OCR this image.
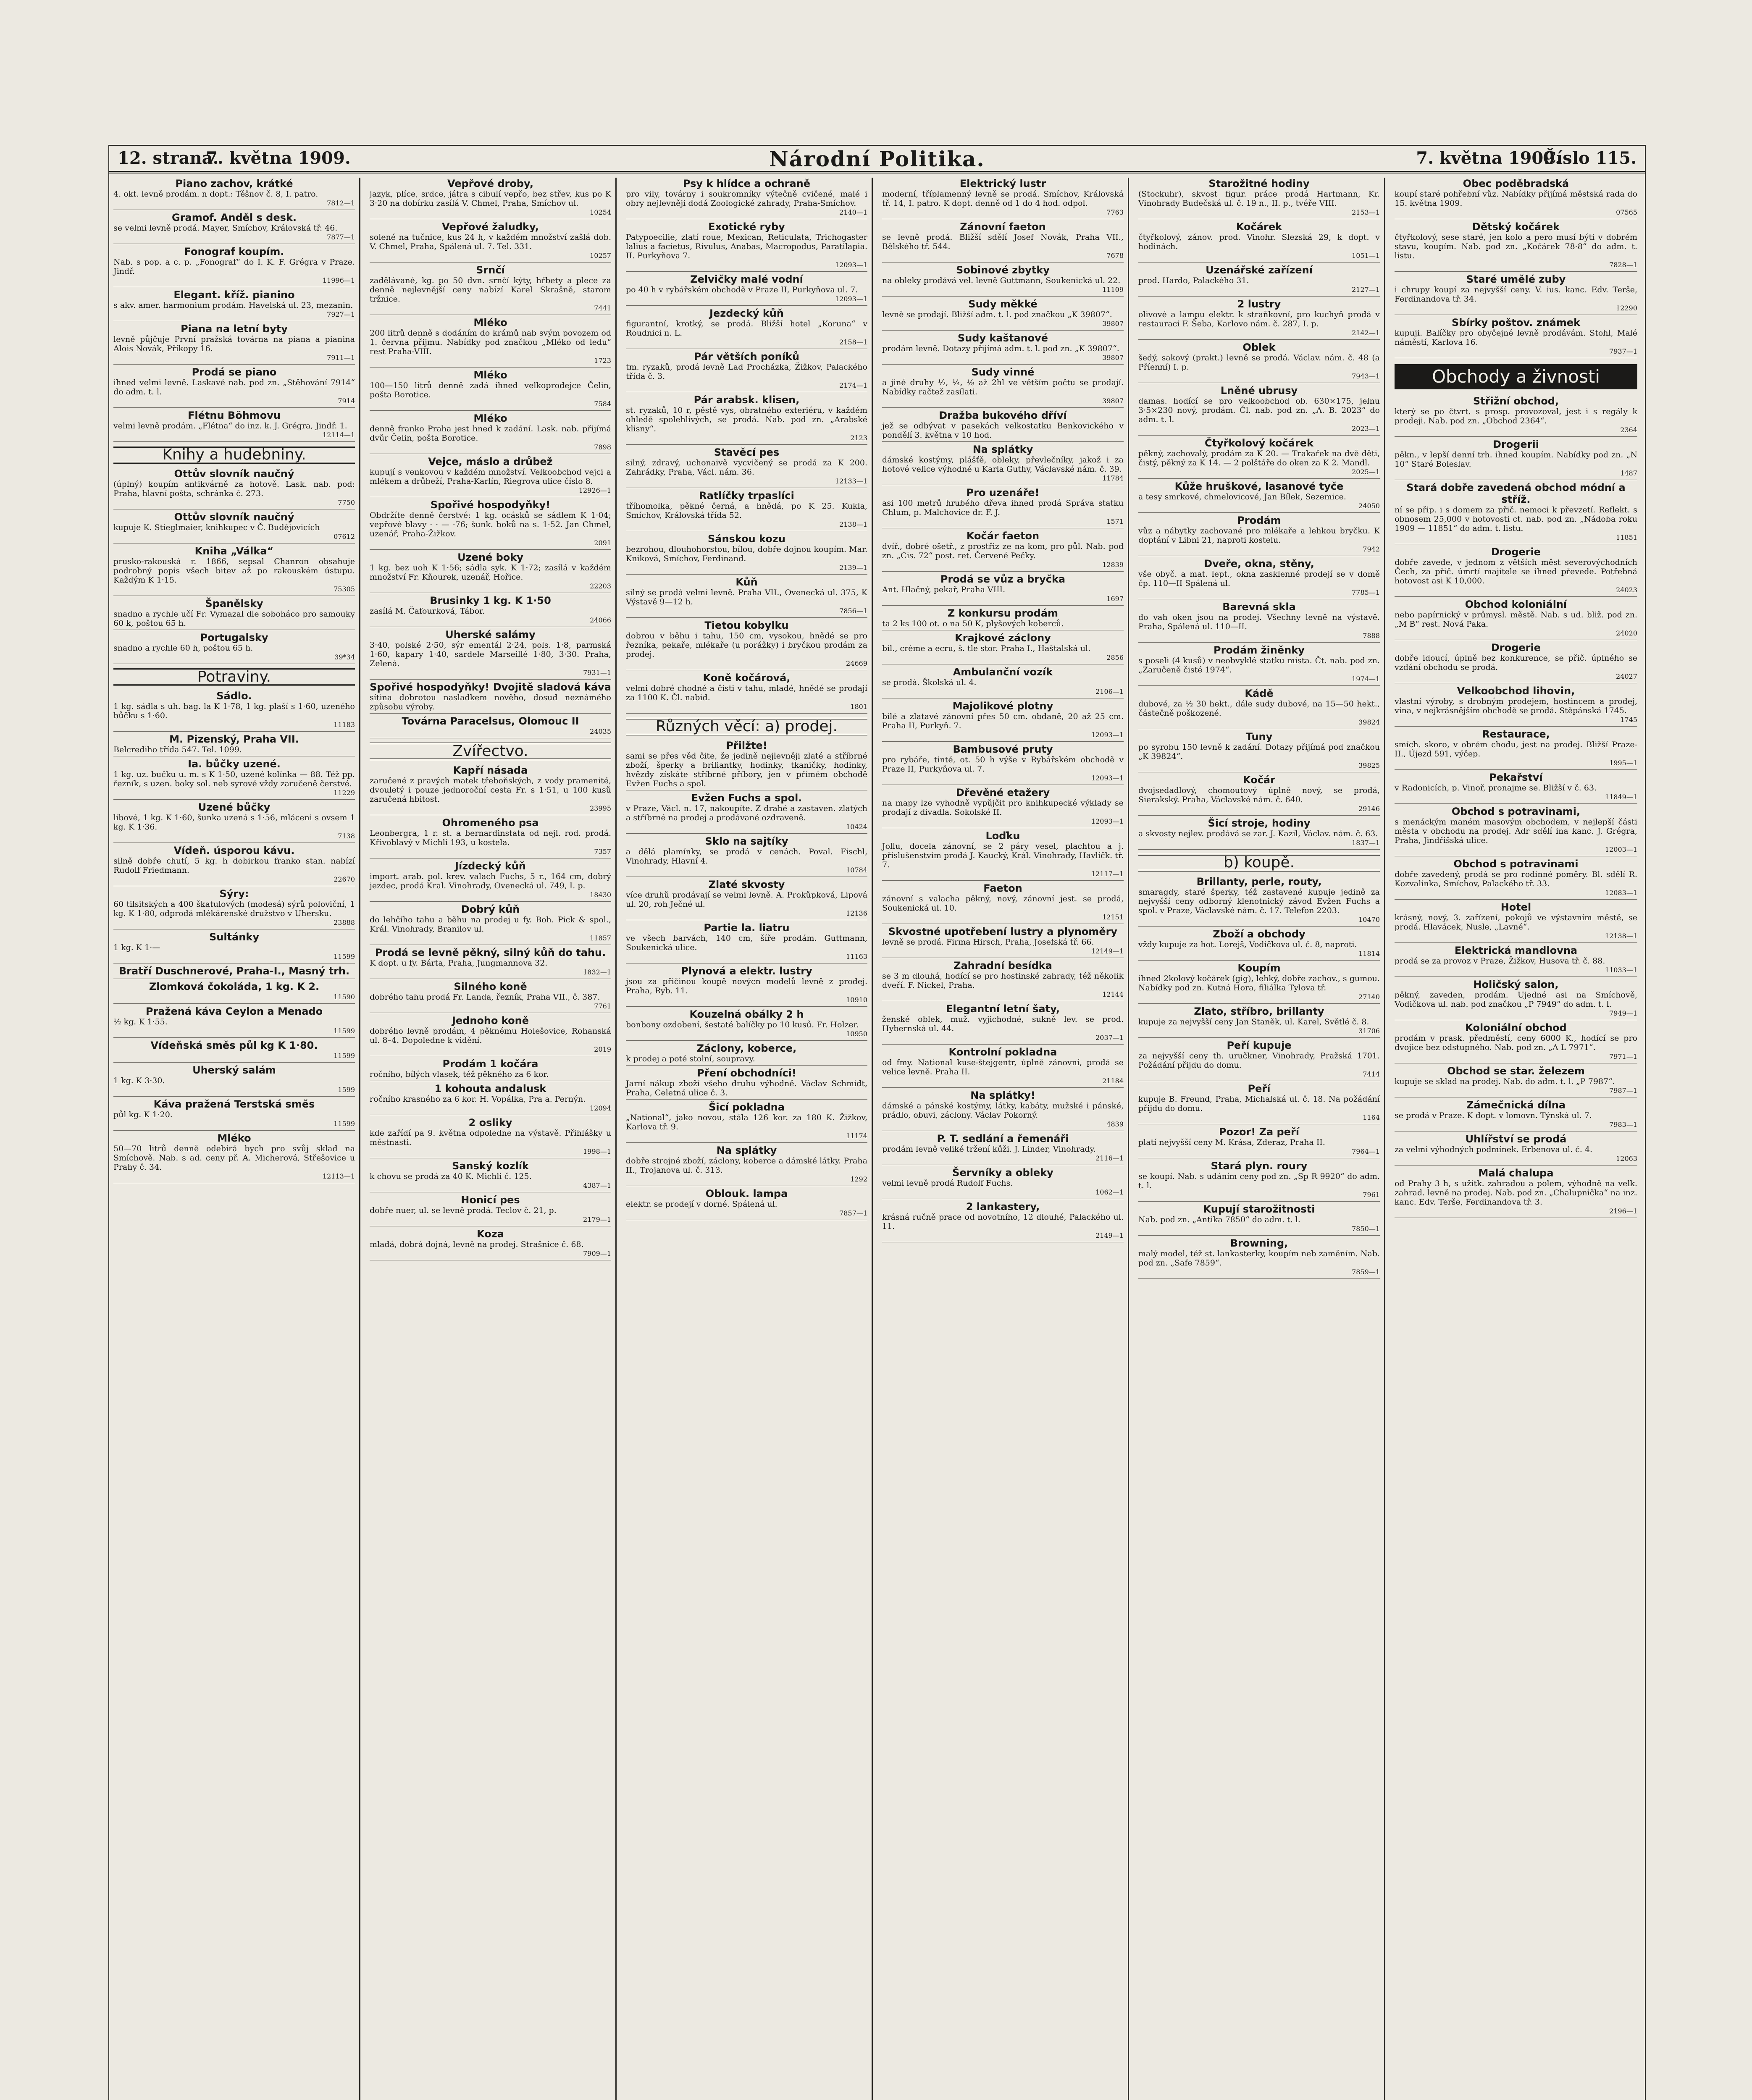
12. strana.
7. května 1909.	Národní Politika.	7. května 1909.
Číslo 115.
Piano zachov, krátké
4. okt. levně prodám. n dopt.: Těšnov č. 8, I. patro.
7812—1
Gramof. Anděl s desk.
se velmi levně prodá. Mayer, Smíchov, Královská tř. 46.
7877—1
Fonograf koupím.
Nab. s pop. a c. p. „Fonograf“ do I. K. F. Grégra v Praze. Jindř.
11996—1
Elegant. kříž. pianino
s akv. amer. harmonium prodám. Havelská ul. 23, mezanin.
7927—1
Piana na letní byty
levně půjčuje První pražská továrna na piana a pianina Alois Novák, Příkopy 16.
7911—1
Prodá se piano
ihned velmi levně. Laskavé nab. pod zn. „Stěhování 7914“ do adm. t. l.
7914
Flétnu Böhmovu
velmi levně prodám. „Flétna“ do inz. k. J. Grégra, Jindř. 1.
12114—1
Knihy a hudebniny.
Ottův slovník naučný
(úplný) koupím antikvárně za hotově. Lask. nab. pod: Praha, hlavní pošta, schránka č. 273.
7750
Ottův slovník naučný
kupuje K. Stieglmaier, knihkupec v Č. Budějovicích
07612
Kniha „Válka“
prusko-rakouská r. 1866, sepsal Chanron obsahuje podrobný popis všech bitev až po rakouském ústupu. Každým K 1·15.
75305
Španělsky
snadno a rychle učí Fr. Vymazal dle soboháco pro samouky 60 k, poštou 65 h.
Portugalsky
snadno a rychle 60 h, poštou 65 h.
39*34
Potraviny.
Sádlo.
1 kg. sádla s uh. bag. la K 1·78, 1 kg. plaší s 1·60, uzeného bůčku s 1·60.
11183
M. Pizenský, Praha VII.
Belcrediho třída 547. Tel. 1099.
Ia. bůčky uzené.
1 kg. uz. bučku u. m. s K 1·50, uzené kolínka — 88. Též pp. řezník, s uzen. boky sol. neb syrové vždy zaručeně čerstvé.
11229
Uzené bůčky
libové, 1 kg. K 1·60, šunka uzená s 1·56, mláceni s ovsem 1 kg. K 1·36.
7138
Vídeň. úsporou kávu.
silně dobře chutí, 5 kg. h dobirkou franko stan. nabízí Rudolf Friedmann.
22670
Sýry:
60 tilsitských a 400 škatulových (modesá) sýrů poloviční, 1 kg. K 1·80, odprodá mlékárenské družstvo v Uhersku.
23888
Sultánky
1 kg. K 1·—
11599
Bratří Duschnerové, Praha-I., Masný trh.
Zlomková čokoláda, 1 kg. K 2.
11590
Pražená káva Ceylon a Menado
½ kg. K 1·55.
11599
Vídeňská směs půl kg K 1·80.
11599
Uherský salám
1 kg. K 3·30.
1599
Káva pražená Terstská směs
půl kg. K 1·20.
11599
Mléko
50—70 litrů denně odebírá bych pro svůj sklad na Smíchově. Nab. s ad. ceny př. A. Micherová, Střešovice u Prahy č. 34.
12113—1
Vepřové droby,
jazyk, plíce, srdce, játra s cibulí vepřo, bez střev, kus po K 3·20 na dobírku zasílá V. Chmel, Praha, Smíchov ul.
10254
Vepřové žaludky,
solené na tučnice, kus 24 h, v každém množství zašlá dob. V. Chmel, Praha, Spálená ul. 7. Tel. 331.
10257
Srnčí
zadělávané, kg. po 50 dvn. srnčí kýty, hřbety a plece za denně nejlevnější ceny nabízí Karel Skrašně, starom tržnice.
7441
Mléko
200 litrů denně s dodáním do krámů nab svým povozem od 1. června přijmu. Nabídky pod značkou „Mléko od ledu“ rest Praha-VIII.
1723
Mléko
100—150 litrů denně zadá ihned velkoprodejce Čelin, pošta Borotice.
7584
Mléko
denně franko Praha jest hned k zadání. Lask. nab. přijímá dvůr Čelin, pošta Borotice.
7898
Vejce, máslo a drůbež
kupují s venkovou v každém množství. Velkoobchod vejci a mlékem a drůbeží, Praha-Karlín, Riegrova ulice číslo 8.
12926—1
Spořivé hospodyňky!
Obdržíte denně čerstvé: 1 kg. ocásků se sádlem K 1·04; vepřové blavy · · — ·76; šunk. boků na s. 1·52. Jan Chmel, uzenář, Praha-Žižkov.
2091
Uzené boky
1 kg. bez uoh K 1·56; sádla syk. K 1·72; zasílá v každém množství Fr. Kňourek, uzenář, Hořice.
22203
Brusinky 1 kg. K 1·50
zasílá M. Čafourková, Tábor.
24066
Uherské salámy
3·40, polské 2·50, sýr ementál 2·24, pols. 1·8, parmská 1·60, kapary 1·40, sardele Marseillé 1·80, 3·30. Praha, Zelená.
7931—1
Spořivé hospodyňky! Dvojitě sladová káva
sítina dobrotou nasladkem nověho, dosud neznámého způsobu výroby.
Továrna Paracelsus, Olomouc II
24035
Zvířectvo.
Kapří násada
zaručené z pravých matek třeboňských, z vody pramenité, dvouletý i pouze jednoroční cesta Fr. s 1·51, u 100 kusů zaručená hbitost.
23995
Ohromeného psa
Leonbergra, 1 r. st. a bernardinstata od nejl. rod. prodá. Křivoblavý v Michli 193, u kostela.
7357
Jízdecký kůň
import. arab. pol. krev. valach Fuchs, 5 r., 164 cm, dobrý jezdec, prodá Kral. Vinohrady, Ovenecká ul. 749, I. p.
18430
Dobrý kůň
do lehčího tahu a běhu na prodej u fy. Boh. Pick & spol., Král. Vinohrady, Branilov ul.
11857
Prodá se levně pěkný, silný kůň do tahu.
K dopt. u fy. Bárta, Praha, Jungmannova 32.
1832—1
Silného koně
dobrého tahu prodá Fr. Landa, řezník, Praha VII., č. 387.
7761
Jednoho koně
dobrého levně prodám, 4 pěknému Holešovice, Rohanská ul. 8–4. Dopoledne k vidění.
2019
Prodám 1 kočára
ročního, bílých vlasek, též pěkného za 6 kor.
1 kohouta andalusk
ročního krasného za 6 kor. H. Vopálka, Pra a. Pernýn.
12094
2 osliky
kde zařídí pa 9. května odpoledne na výstavě. Přihlášky u městnasti.
1998—1
Sanský kozlík
k chovu se prodá za 40 K. Michli č. 125.
4387—1
Honicí pes
dobře nuer, ul. se levně prodá. Teclov č. 21, p.
2179—1
Koza
mladá, dobrá dojná, levně na prodej. Strašnice č. 68.
7909—1
Psy k hlídce a ochraně
pro vily, továrny i soukromníky výtečně cvičené, malé i obry nejlevněji dodá Zoologické zahrady, Praha-Smíchov.
2140—1
Exotické ryby
Patypoecilie, zlatí roue, Mexican, Reticulata, Trichogaster lalius a facietus, Rivulus, Anabas, Macropodus, Paratilapia. II. Purkyňova 7.
12093—1
Zelvičky malé vodní
po 40 h v rybářském obchodě v Praze II, Purkyňova ul. 7.
12093—1
Jezdecký kůň
figurantní, krotký, se prodá. Bližší hotel „Koruna“ v Roudnici n. L.
2158—1
Pár větších poníků
tm. ryzaků, prodá levně Lad Procházka, Žižkov, Palackého třída č. 3.
2174—1
Pár arabsk. klisen,
st. ryzaků, 10 r, pěstě vys, obratného exteriéru, v každém ohledě spolehlivých, se prodá. Nab. pod zn. „Arabské klisny“.
2123
Stavěcí pes
silný, zdravý, uchonaivě vycvičený se prodá za K 200. Zahrádky, Praha, Václ. nám. 36.
12133—1
Ratlíčky trpaslíci
tříhomolka, pěkné černá, a hnědá, po K 25. Kukla, Smíchov, Královská třída 52.
2138—1
Sánskou kozu
bezrohou, dlouhohorstou, bílou, dobře dojnou koupím. Mar. Kniková, Smíchov, Ferdinand.
2139—1
Kůň
silný se prodá velmi levně. Praha VII., Ovenecká ul. 375, K Výstavě 9—12 h.
7856—1
Tietou kobylku
dobrou v běhu i tahu, 150 cm, vysokou, hnědé se pro řezníka, pekaře, mlékaře (u porážky) i bryčkou prodám za prodej.
24669
Koně kočárová,
velmi dobré chodné a čisti v tahu, mladé, hnědé se prodají za 1100 K. Čl. nabid.
1801
Různých věcí: a) prodej.
Přilžte!
sami se přes věd čite, že jedině nejlevněji zlaté a stříbrné zboží, šperky a briliantky, hodinky, tkaničky, hodinky, hvězdy získáte stříbrné příbory, jen v přímém obchodě Evžen Fuchs a spol.
Evžen Fuchs a spol.
v Praze, Václ. n. 17, nakoupíte. Z drahé a zastaven. zlatých a stříbrné na prodej a prodávané ozdraveně.
10424
Sklo na sajtíky
a dělá plamínky, se prodá v cenách. Poval. Fischl, Vinohrady, Hlavní 4.
10784
Zlaté skvosty
více druhů prodávají se velmi levně. A. Prokůpková, Lipová ul. 20, roh Ječné ul.
12136
Partie la. liatru
ve všech barvách, 140 cm, šíře prodám. Guttmann, Soukenická ulice.
11163
Plynová a elektr. lustry
jsou za přičinou koupě novýcn modelů levně z prodej. Praha, Ryb. 11.
10910
Kouzelná obálky 2 h
bonbony ozdobení, šestaté balíčky po 10 kusů. Fr. Holzer.
10950
Záclony, koberce,
k prodej a poté stolní, soupravy.
Pření obchodníci!
Jarní nákup zboží všeho druhu výhodně. Václav Schmidt, Praha, Celetná ulice č. 3.
Šicí pokladna
„National“, jako novou, stála 126 kor. za 180 K. Žižkov, Karlova tř. 9.
11174
Na splátky
dobře strojné zboží, záclony, koberce a dámské látky. Praha II., Trojanova ul. č. 313.
1292
Oblouk. lampa
elektr. se prodejí v dorné. Spálená ul.
7857—1
Elektrický lustr
moderní, tříplamenný levně se prodá. Smíchov, Královská tř. 14, I. patro. K dopt. denně od 1 do 4 hod. odpol.
7763
Zánovní faeton
se levně prodá. Bližší sdělí Josef Novák, Praha VII., Bělského tř. 544.
7678
Sobinové zbytky
na obleky prodává vel. levně Guttmann, Soukenická ul. 22.
11109
Sudy měkké
levně se prodají. Bližší adm. t. l. pod značkou „K 39807“.
39807
Sudy kaštanové
prodám levně. Dotazy přijímá adm. t. l. pod zn. „K 39807“.
39807
Sudy vinné
a jiné druhy ½, ¼, ⅛ až 2hl ve větším počtu se prodají. Nabídky račtež zasílati.
39807
Dražba bukového dříví
jež se odbývat v pasekách velkostatku Benkovického v pondělí 3. května v 10 hod.
Na splátky
dámské kostýmy, plášťě, obleky, převlečníky, jakož i za hotové velice výhodné u Karla Guthy, Václavské nám. č. 39.
11784
Pro uzenáře!
asi 100 metrů hrubého dřeva ihned prodá Správa statku Chlum, p. Malchovice dr. F. J.
1571
Kočár faeton
dvíř., dobré ošetř., z prostřiz ze na kom, pro půl. Nab. pod zn. „Cis. 72“ post. ret. Červené Pečky.
12839
Prodá se vůz a bryčka
Ant. Hlačný, pekař, Praha VIII.
1697
Z konkursu prodám
ta 2 ks 100 ot. o na 50 K, plyšových koberců.
Krajkové záclony
bíl., crème a ecru, š. tle stor. Praha I., Haštalská ul.
2856
Ambulanční vozík
se prodá. Školská ul. 4.
2106—1
Majolikové plotny
bílé a zlatavé zánovní přes 50 cm. obdaně, 20 až 25 cm. Praha II, Purkyň. 7.
12093—1
Bambusové pruty
pro rybáře, tinté, ot. 50 h výše v Rybářském obchodě v Praze II, Purkyňova ul. 7.
12093—1
Dřevěné etažery
na mapy lze vyhodně vypůjčit pro knihkupecké výklady se prodají z divadla. Sokolské II.
12093—1
Loďku
Jollu, docela zánovní, se 2 páry vesel, plachtou a j. příslušenstvím prodá J. Kaucký, Král. Vinohrady, Havlíčk. tř. 7.
12117—1
Faeton
zánovní s valacha pěkný, nový, zánovní jest. se prodá, Soukenická ul. 10.
12151
Skvostné upotřebení lustry a plynoměry
levně se prodá. Firma Hirsch, Praha, Josefská tř. 66.
12149—1
Zahradní besídka
se 3 m dlouhá, hodící se pro hostinské zahrady, též několik dveří. F. Nickel, Praha.
12144
Elegantní letní šaty,
ženské oblek, muž. vyjichodné, sukně lev. se prod. Hybernská ul. 44.
2037—1
Kontrolní pokladna
od fmy. National kuse-štejgentr, úplně zánovní, prodá se velice levně. Praha II.
21184
Na splátky!
dámské a pánské kostýmy, látky, kabáty, mužské i pánské, prádlo, obuvi, záclony. Václav Pokorný.
4839
P. T. sedlání a řemenáři
prodám levně veliké tržení kůži. J. Linder, Vinohrady.
2116—1
Šervníky a obleky
velmi levně prodá Rudolf Fuchs.
1062—1
2 lankastery,
krásná ručně prace od novotního, 12 dlouhé, Palackého ul. 11.
2149—1
Starožitné hodiny
(Stockuhr), skvost figur. práce prodá Hartmann, Kr. Vinohrady Budečská ul. č. 19 n., II. p., tvéře VIII.
2153—1
Kočárek
čtyřkolový, zánov. prod. Vinohr. Slezská 29, k dopt. v hodinách.
1051—1
Uzenářské zařízení
prod. Hardo, Palackého 31.
2127—1
2 lustry
olivové a lampu elektr. k straňkovní, pro kuchyň prodá v restauraci F. Šeba, Karlovo nám. č. 287, I. p.
2142—1
Oblek
šedý, sakový (prakt.) levně se prodá. Václav. nám. č. 48 (a Příenní) I. p.
7943—1
Lněné ubrusy
damas. hodící se pro velkoobchod ob. 630×175, jelnu 3·5×230 nový, prodám. Čl. nab. pod zn. „A. B. 2023“ do adm. t. l.
2023—1
Čtyřkolový kočárek
pěkný, zachovalý, prodám za K 20. — Trakařek na dvě děti, čistý, pěkný za K 14. — 2 polštáře do oken za K 2. Mandl.
2025—1
Kůže hruškové, lasanové tyče
a tesy smrkové, chmelovicové, Jan Bílek, Sezemice.
24050
Prodám
vůz a nábytky zachované pro mlékaře a lehkou bryčku. K doptání v Libni 21, naproti kostelu.
7942
Dveře, okna, stěny,
vše obyč. a mat. lept., okna zasklenné prodejí se v domě čp. 110—II Spálená ul.
7785—1
Barevná skla
do vah oken jsou na prodej. Všechny levně na výstavě. Praha, Spálená ul. 110—II.
7888
Prodám žiněnky
s poseli (4 kusů) v neobvyklé statku mista. Čt. nab. pod zn. „Zaručeně čisté 1974“.
1974—1
Kádě
dubové, za ½ 30 hekt., dále sudy dubové, na 15—50 hekt., částečně poškozené.
39824
Tuny
po syrobu 150 levně k zadání. Dotazy přijímá pod značkou „K 39824“.
39825
Kočár
dvojsedadlový, chomoutový úplně nový, se prodá, Sierakský. Praha, Václavské nám. č. 640.
29146
Šicí stroje, hodiny
a skvosty nejlev. prodává se zar. J. Kazil, Václav. nám. č. 63.
1837—1
b) koupě.
Brillanty, perle, routy,
smaragdy, staré šperky, též zastavené kupuje jedině za nejvyšší ceny odborný klenotnický závod Evžen Fuchs a spol. v Praze, Václavské nám. č. 17. Telefon 2203.
10470
Zboží a obchody
vždy kupuje za hot. Lorejš, Vodičkova ul. č. 8, naproti.
11814
Koupím
ihned 2kolový kočárek (gig), lehký, dobře zachov., s gumou. Nabídky pod zn. Kutná Hora, filiálka Tylova tř.
27140
Zlato, stříbro, brillanty
kupuje za nejvyšší ceny Jan Staněk, ul. Karel, Světlé č. 8.
31706
Peří kupuje
za nejvyšší ceny th. uručkner, Vinohrady, Pražská 1701. Požádání přijdu do domu.
7414
Peří
kupuje B. Freund, Praha, Michalská ul. č. 18. Na požádání přijdu do domu.
1164
Pozor! Za peří
platí nejvyšší ceny M. Krása, Zderaz, Praha II.
7964—1
Stará plyn. roury
se koupí. Nab. s udáním ceny pod zn. „Sp R 9920“ do adm. t. l.
7961
Kupují starožitnosti
Nab. pod zn. „Antika 7850“ do adm. t. l.
7850—1
Browning,
malý model, též st. lankasterky, koupím neb zaměním. Nab. pod zn. „Safe 7859“.
7859—1
Obec poděbradská
koupí staré pohřební vůz. Nabídky přijímá městská rada do 15. května 1909.
07565
Dětský kočárek
čtyřkolový, sese staré, jen kolo a pero musí býti v dobrém stavu, koupím. Nab. pod zn. „Kočárek 78·8“ do adm. t. listu.
7828—1
Staré umělé zuby
i chrupy koupí za nejvyšší ceny. V. ius. kanc. Edv. Terše, Ferdinandova tř. 34.
12290
Sbírky poštov. známek
kupuji. Balíčky pro obyčejné levně prodávám. Stohl, Malé náměstí, Karlova 16.
7937—1
Obchody a živnosti
Střižní obchod,
který se po čtvrt. s prosp. provozoval, jest i s regály k prodeji. Nab. pod zn. „Obchod 2364“.
2364
Drogerii
pěkn., v lepší denní trh. ihned koupím. Nabídky pod zn. „N 10“ Staré Boleslav.
1487
Stará dobře zavedená obchod módní a stříž.
ní se přip. i s domem za přič. nemoci k převzetí. Reflekt. s obnosem 25,000 v hotovosti ct. nab. pod zn. „Nádoba roku 1909 — 11851“ do adm. t. listu.
11851
Drogerie
dobře zavede, v jednom z větších měst severovýchodních Čech, za přič. úmrtí majitele se ihned převede. Potřebná hotovost asi K 10,000.
24023
Obchod koloniální
nebo papírnický v průmysl. městě. Nab. s ud. bliž. pod zn. „M B“ rest. Nová Paka.
24020
Drogerie
dobře idoucí, úplně bez konkurence, se přič. úplného se vzdání obchodu se prodá.
24027
Velkoobchod lihovin,
vlastní výroby, s drobným prodejem, hostincem a prodej, vína, v nejkrásnějším obchodě se prodá. Stěpánská 1745.
1745
Restaurace,
smích. skoro, v obrém chodu, jest na prodej. Bližší Praze-II., Újezd 591, výčep.
1995—1
Pekařství
v Radonicích, p. Vinoř, pronajme se. Bližší v č. 63.
11849—1
Obchod s potravinami,
s menáckým maném masovým obchodem, v nejlepší části města v obchodu na prodej. Adr sdělí ina kanc. J. Grégra, Praha, Jindřišská ulice.
12003—1
Obchod s potravinami
dobře zavedený, prodá se pro rodinné poměry. Bl. sdělí R. Kozvalinka, Smíchov, Palackého tř. 33.
12083—1
Hotel
krásný, nový, 3. zařízení, pokojů ve výstavním městě, se prodá. Hlavácek, Nusle, „Lavné“.
12138—1
Elektrická mandlovna
prodá se za provoz v Praze, Žižkov, Husova tř. č. 88.
11033—1
Holičský salon,
pěkný, zaveden, prodám. Ujedné asi na Smíchově, Vodičkova ul. nab. pod značkou „P 7949“ do adm. t. l.
7949—1
Koloniální obchod
prodám v prask. předměstí, ceny 6000 K., hodící se pro dvojice bez odstupného. Nab. pod zn. „A L 7971“.
7971—1
Obchod se star. železem
kupuje se sklad na prodej. Nab. do adm. t. l. „P 7987“.
7987—1
Zámečnická dílna
se prodá v Praze. K dopt. v lomovn. Týnská ul. 7.
7983—1
Uhlířství se prodá
za velmi výhodných podmínek. Erbenova ul. č. 4.
12063
Malá chalupa
od Prahy 3 h, s užitk. zahradou a polem, výhodně na velk. zahrad. levně na prodej. Nab. pod zn. „Chalupnička“ na inz. kanc. Edv. Terše, Ferdinandova tř. 3.
2196—1
